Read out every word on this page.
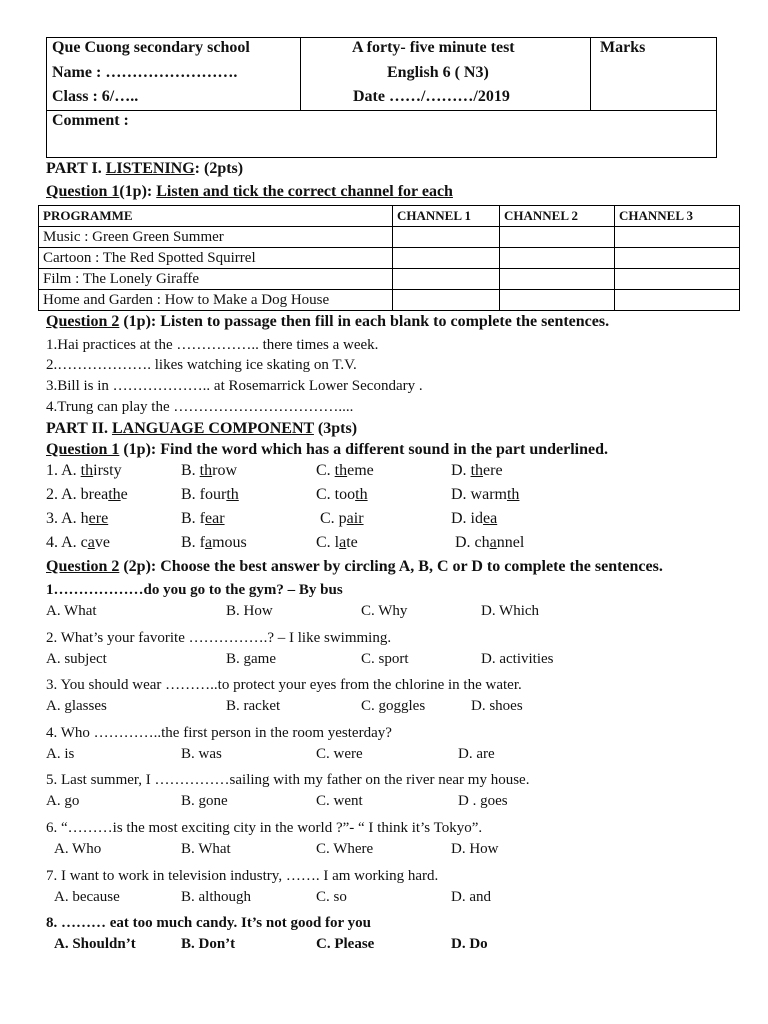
Que Cuong secondary school
Name : …………………….
Class : 6/…..
A forty- five minute test
English 6 ( N3)
Date ……/………/2019
Marks
Comment :
PART I. LISTENING: (2pts)
Question 1(1p): Listen and tick the correct channel for each
PROGRAMME	CHANNEL 1	CHANNEL 2	CHANNEL 3
Music : Green Green Summer			
Cartoon : The Red Spotted Squirrel			
Film : The Lonely Giraffe			
Home and Garden : How to Make a Dog House			
Question 2 (1p): Listen to passage then fill in each blank to complete the sentences.
1.Hai practices at the …………….. there times a week.
2.………………. likes watching ice skating on T.V.
3.Bill is in ……………….. at Rosemarrick Lower Secondary .
4.Trung can play the ……………………………....
PART II. LANGUAGE COMPONENT (3pts)
Question 1 (1p): Find the word which has a different sound in the part underlined.
1. A. thirsty	B. throw	C. theme	D. there
2. A. breathe	B. fourth	C. tooth	D. warmth
3. A. here	B. fear	C. pair	D. idea
4. A. cave	B. famous	C. late	D. channel
Question 2 (2p): Choose the best answer by circling A, B, C or D to complete the sentences.
1………………do you go to the gym? – By bus
A. What	B. How	C. Why	D. Which
2. What’s your favorite …………….? – I like swimming.
A. subject	B. game	C. sport	D. activities
3. You should wear ………..to protect your eyes from the chlorine in the water.
A. glasses	B. racket	C. goggles	D. shoes
4. Who …………..the first person in the room yesterday?
A. is	B. was	C. were	D. are
5. Last summer, I ……………sailing with my father on the river near my house.
A. go	B. gone	C. went	D . goes
6. “………is the most exciting city in the world ?”- “ I think it’s Tokyo”.
A. Who	B. What	C. Where	D. How
7. I want to work in television industry, ……. I am working hard.
A. because	B. although	C. so	D. and
8. ……… eat too much candy. It’s not good for you
A. Shouldn’t	B. Don’t	C. Please	D. Do
